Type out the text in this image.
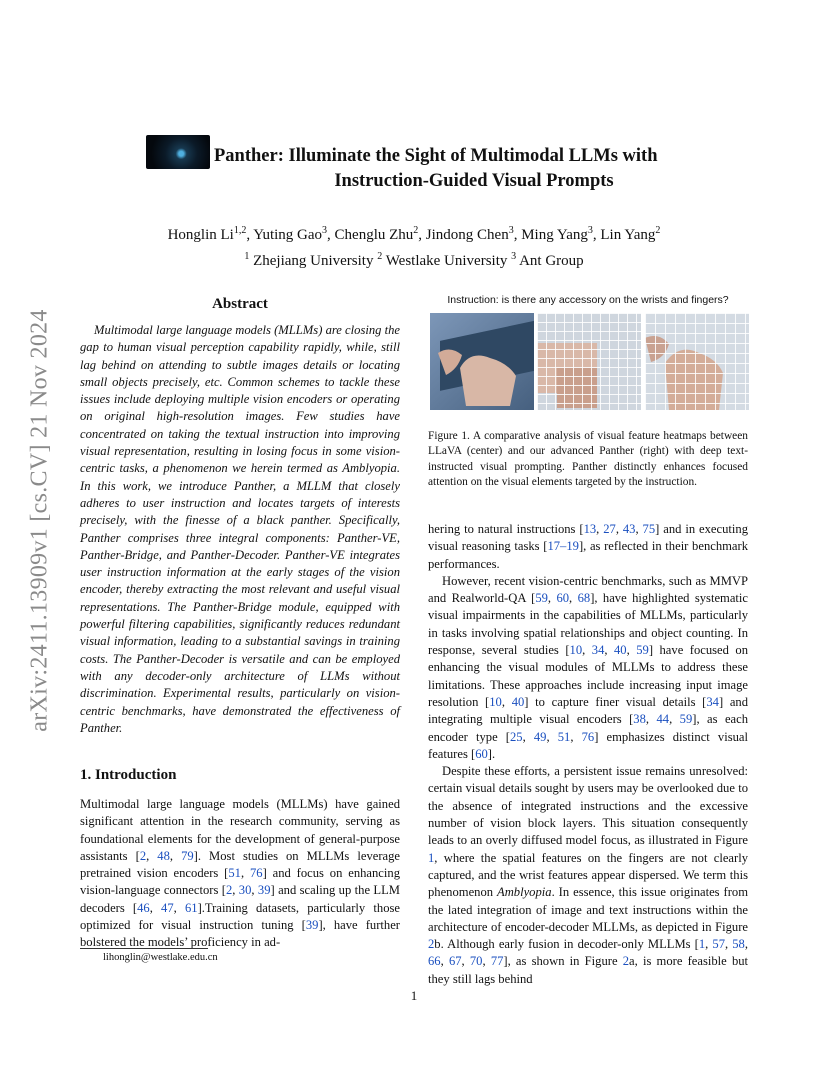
arXiv:2411.13909v1 [cs.CV] 21 Nov 2024
Panther: Illuminate the Sight of Multimodal LLMs with
Instruction-Guided Visual Prompts
Honglin Li$^{1,2}$, Yuting Gao$^3$, Chenglu Zhu$^2$, Jindong Chen$^3$, Ming Yang$^3$, Lin Yang$^2$
$^1$ Zhejiang University $^2$ Westlake University $^3$ Ant Group
Abstract

Multimodal large language models (MLLMs) are closing the gap to human visual perception capability rapidly, while, still lag behind on attending to subtle images details or locating small objects precisely, etc. Common schemes to tackle these issues include deploying multiple vision encoders or operating on original high-resolution images. Few studies have concentrated on taking the textual instruction into improving visual representation, resulting in losing focus in some vision-centric tasks, a phenomenon we herein termed as Amblyopia. In this work, we introduce Panther, a MLLM that closely adheres to user instruction and locates targets of interests precisely, with the finesse of a black panther. Specifically, Panther comprises three integral components: Panther-VE, Panther-Bridge, and Panther-Decoder. Panther-VE integrates user instruction information at the early stages of the vision encoder, thereby extracting the most relevant and useful visual representations. The Panther-Bridge module, equipped with powerful filtering capabilities, significantly reduces redundant visual information, leading to a substantial savings in training costs. The Panther-Decoder is versatile and can be employed with any decoder-only architecture of LLMs without discrimination. Experimental results, particularly on vision-centric benchmarks, have demonstrated the effectiveness of Panther.

1. Introduction

Multimodal large language models (MLLMs) have gained significant attention in the research community, serving as foundational elements for the development of general-purpose assistants [2, 48, 79]. Most studies on MLLMs leverage pretrained vision encoders [51, 76] and focus on enhancing vision-language connectors [2, 30, 39] and scaling up the LLM decoders [46, 47, 61].Training datasets, particularly those optimized for visual instruction tuning [39], have further bolstered the models’ proficiency in ad-

lihonglin@westlake.edu.cn
Instruction: is there any accessory on the wrists and fingers?
Figure 1. A comparative analysis of visual feature heatmaps between LLaVA (center) and our advanced Panther (right) with deep text-instructed visual prompting. Panther distinctly enhances focused attention on the visual elements targeted by the instruction.

hering to natural instructions [13, 27, 43, 75] and in executing visual reasoning tasks [17–19], as reflected in their benchmark performances.

However, recent vision-centric benchmarks, such as MMVP and Realworld-QA [59, 60, 68], have highlighted systematic visual impairments in the capabilities of MLLMs, particularly in tasks involving spatial relationships and object counting. In response, several studies [10, 34, 40, 59] have focused on enhancing the visual modules of MLLMs to address these limitations. These approaches include increasing input image resolution [10, 40] to capture finer visual details [34] and integrating multiple visual encoders [38, 44, 59], as each encoder type [25, 49, 51, 76] emphasizes distinct visual features [60].

Despite these efforts, a persistent issue remains unresolved: certain visual details sought by users may be overlooked due to the absence of integrated instructions and the excessive number of vision block layers. This situation consequently leads to an overly diffused model focus, as illustrated in Figure 1, where the spatial features on the fingers are not clearly captured, and the wrist features appear dispersed. We term this phenomenon Amblyopia. In essence, this issue originates from the lated integration of image and text instructions within the architecture of encoder-decoder MLLMs, as depicted in Figure 2b. Although early fusion in decoder-only MLLMs [1, 57, 58, 66, 67, 70, 77], as shown in Figure 2a, is more feasible but they still lags behind

1
